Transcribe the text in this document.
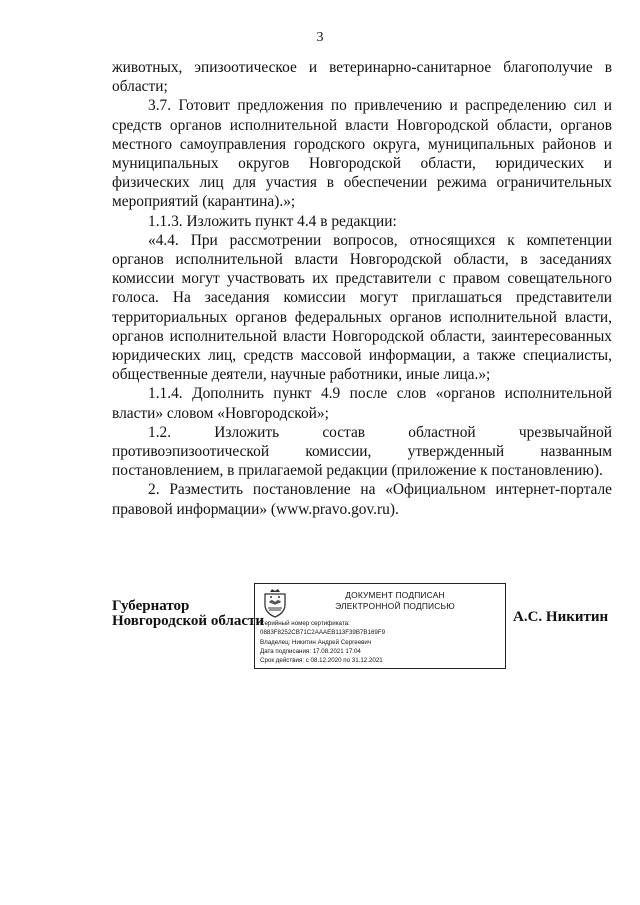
3

животных, эпизоотическое и ветеринарно-санитарное благополучие в области;

3.7. Готовит предложения по привлечению и распределению сил и средств органов исполнительной власти Новгородской области, органов местного самоуправления городского округа, муниципальных районов и муниципальных округов Новгородской области, юридических и физических лиц для участия в обеспечении режима ограничительных мероприятий (карантина).»;

1.1.3. Изложить пункт 4.4 в редакции:

«4.4. При рассмотрении вопросов, относящихся к компетенции органов исполнительной власти Новгородской области, в заседаниях комиссии могут участвовать их представители с правом совещательного голоса. На заседания комиссии могут приглашаться представители территориальных органов федеральных органов исполнительной власти, органов исполнительной власти Новгородской области, заинтересованных юридических лиц, средств массовой информации, а также специалисты, общественные деятели, научные работники, иные лица.»;

1.1.4. Дополнить пункт 4.9 после слов «органов исполнительной власти» словом «Новгородской»;

1.2. Изложить состав областной чрезвычайной противоэпизоотической комиссии, утвержденный названным постановлением, в прилагаемой редакции (приложение к постановлению).

2. Разместить постановление на «Официальном интернет-портале правовой информации» (www.pravo.gov.ru).

Губернатор
Новгородской области
ДОКУМЕНТ ПОДПИСАН
ЭЛЕКТРОННОЙ ПОДПИСЬЮ
Серийный номер сертификата:
0883F8252CB71C2AAAEB113F39B7B169F9
Владелец: Никитин Андрей Сергеевич
Дата подписания: 17.08.2021 17:04
Срок действия: с 08.12.2020 по 31.12.2021
А.С. Никитин
